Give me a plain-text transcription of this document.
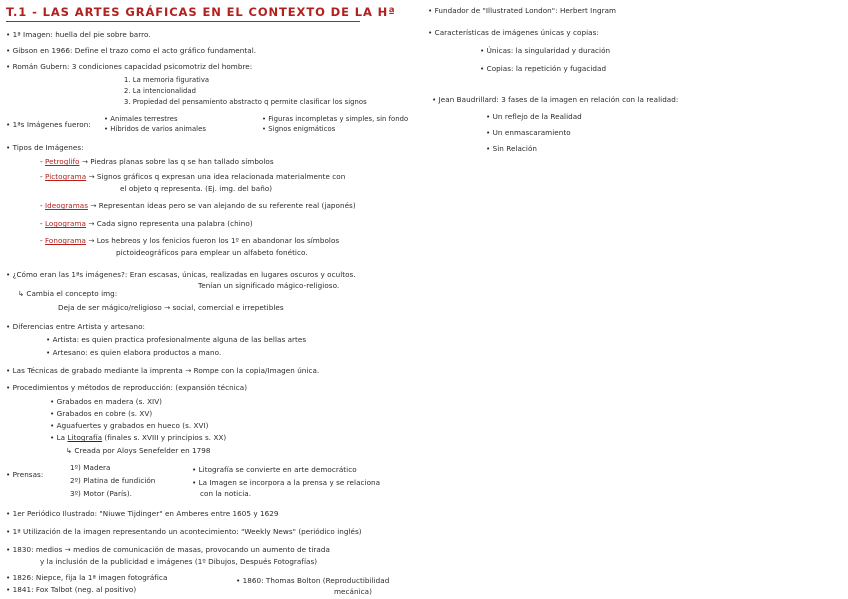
T.1 - LAS ARTES GRÁFICAS EN EL CONTEXTO DE LA Hª
• 1ª Imagen: huella del pie sobre barro.
• Gibson en 1966: Define el trazo como el acto gráfico fundamental.
• Román Gubern: 3 condiciones capacidad psicomotriz del hombre:
1. La memoria figurativa
2. La intencionalidad
3. Propiedad del pensamiento abstracto q permite clasificar los signos
• 1ªs Imágenes fueron:
• Animales terrestres
• Híbridos de varios animales
• Figuras incompletas y simples, sin fondo
• Signos enigmáticos
• Tipos de Imágenes:
- Petroglifo → Piedras planas sobre las q se han tallado símbolos
- Pictograma → Signos gráficos q expresan una idea relacionada materialmente con
el objeto q representa. (Ej. img. del baño)
- Ideogramas → Representan ideas pero se van alejando de su referente real (japonés)
- Logograma → Cada signo representa una palabra (chino)
- Fonograma → Los hebreos y los fenicios fueron los 1º en abandonar los símbolos
pictoideográficos para emplear un alfabeto fonético.
• ¿Cómo eran las 1ªs imágenes?: Eran escasas, únicas, realizadas en lugares oscuros y ocultos.
Tenían un significado mágico-religioso.
↳ Cambia el concepto img:
Deja de ser mágico/religioso → social, comercial e irrepetibles
• Diferencias entre Artista y artesano:
• Artista: es quien practica profesionalmente alguna de las bellas artes
• Artesano: es quien elabora productos a mano.
• Las Técnicas de grabado mediante la imprenta → Rompe con la copia/Imagen única.
• Procedimientos y métodos de reproducción: (expansión técnica)
• Grabados en madera (s. XIV)
• Grabados en cobre (s. XV)
• Aguafuertes y grabados en hueco (s. XVI)
• La Litografía (finales s. XVIII y principios s. XX)
↳ Creada por Aloys Senefelder en 1798
• Prensas:
1º) Madera
2º) Platina de fundición
3º) Motor (París).
• Litografía se convierte en arte democrático
• La Imagen se incorpora a la prensa y se relaciona
con la noticia.
• 1er Periódico Ilustrado: "Niuwe Tijdinger" en Amberes entre 1605 y 1629
• 1ª Utilización de la imagen representando un acontecimiento: "Weekly News" (periódico inglés)
• 1830: medios → medios de comunicación de masas, provocando un aumento de tirada
y la inclusión de la publicidad e imágenes (1º Dibujos, Después Fotografías)
• 1826: Niepce, fija la 1ª imagen fotográfica
• 1841: Fox Talbot (neg. al positivo)
• 1860: Thomas Bolton (Reproductibilidad
mecánica)
• Fundador de "Illustrated London": Herbert Ingram
• Características de imágenes únicas y copias:
• Únicas: la singularidad y duración
• Copias: la repetición y fugacidad
• Jean Baudrillard: 3 fases de la imagen en relación con la realidad:
• Un reflejo de la Realidad
• Un enmascaramiento
• Sin Relación
